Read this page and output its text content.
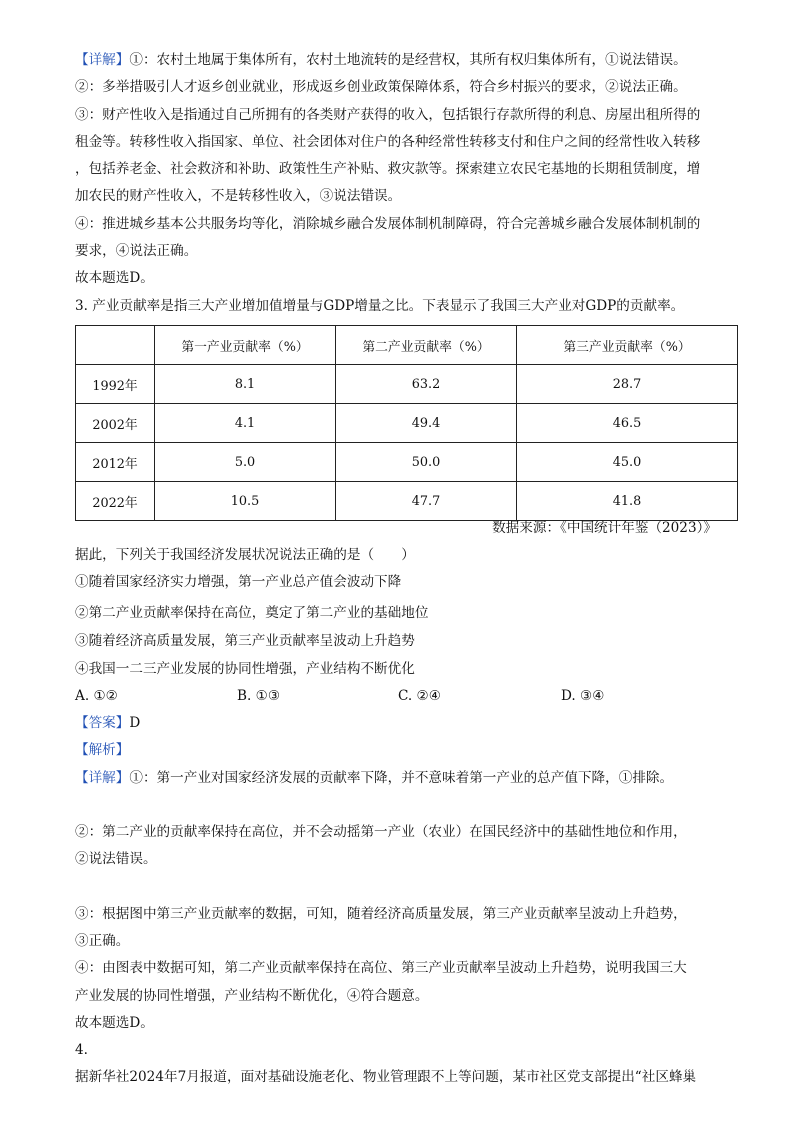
【详解】①：农村土地属于集体所有，农村土地流转的是经营权，其所有权归集体所有，①说法错误。
②：多举措吸引人才返乡创业就业，形成返乡创业政策保障体系，符合乡村振兴的要求，②说法正确。
③：财产性收入是指通过自己所拥有的各类财产获得的收入，包括银行存款所得的利息、房屋出租所得的
租金等。转移性收入指国家、单位、社会团体对住户的各种经常性转移支付和住户之间的经常性收入转移
，包括养老金、社会救济和补助、政策性生产补贴、救灾款等。探索建立农民宅基地的长期租赁制度，增
加农民的财产性收入，不是转移性收入，③说法错误。
④：推进城乡基本公共服务均等化，消除城乡融合发展体制机制障碍，符合完善城乡融合发展体制机制的
要求，④说法正确。
故本题选D。
3. 产业贡献率是指三大产业增加值增量与GDP增量之比。下表显示了我国三大产业对GDP的贡献率。
	第一产业贡献率（%）	第二产业贡献率（%）	第三产业贡献率（%）
1992年	8.1	63.2	28.7
2002年	4.1	49.4	46.5
2012年	5.0	50.0	45.0
2022年	10.5	47.7	41.8
数据来源：《中国统计年鉴（2023）》
据此，下列关于我国经济发展状况说法正确的是（　　）
①随着国家经济实力增强，第一产业总产值会波动下降
②第二产业贡献率保持在高位，奠定了第二产业的基础地位
③随着经济高质量发展，第三产业贡献率呈波动上升趋势
④我国一二三产业发展的协同性增强，产业结构不断优化
A. ①②	B. ①③	C. ②④	D. ③④
【答案】D
【解析】
【详解】①：第一产业对国家经济发展的贡献率下降，并不意味着第一产业的总产值下降，①排除。
②：第二产业的贡献率保持在高位，并不会动摇第一产业（农业）在国民经济中的基础性地位和作用，
②说法错误。
③：根据图中第三产业贡献率的数据，可知，随着经济高质量发展，第三产业贡献率呈波动上升趋势，
③正确。
④：由图表中数据可知，第二产业贡献率保持在高位、第三产业贡献率呈波动上升趋势，说明我国三大
产业发展的协同性增强，产业结构不断优化，④符合题意。
故本题选D。
4.
据新华社2024年7月报道，面对基础设施老化、物业管理跟不上等问题，某市社区党支部提出“社区蜂巢
